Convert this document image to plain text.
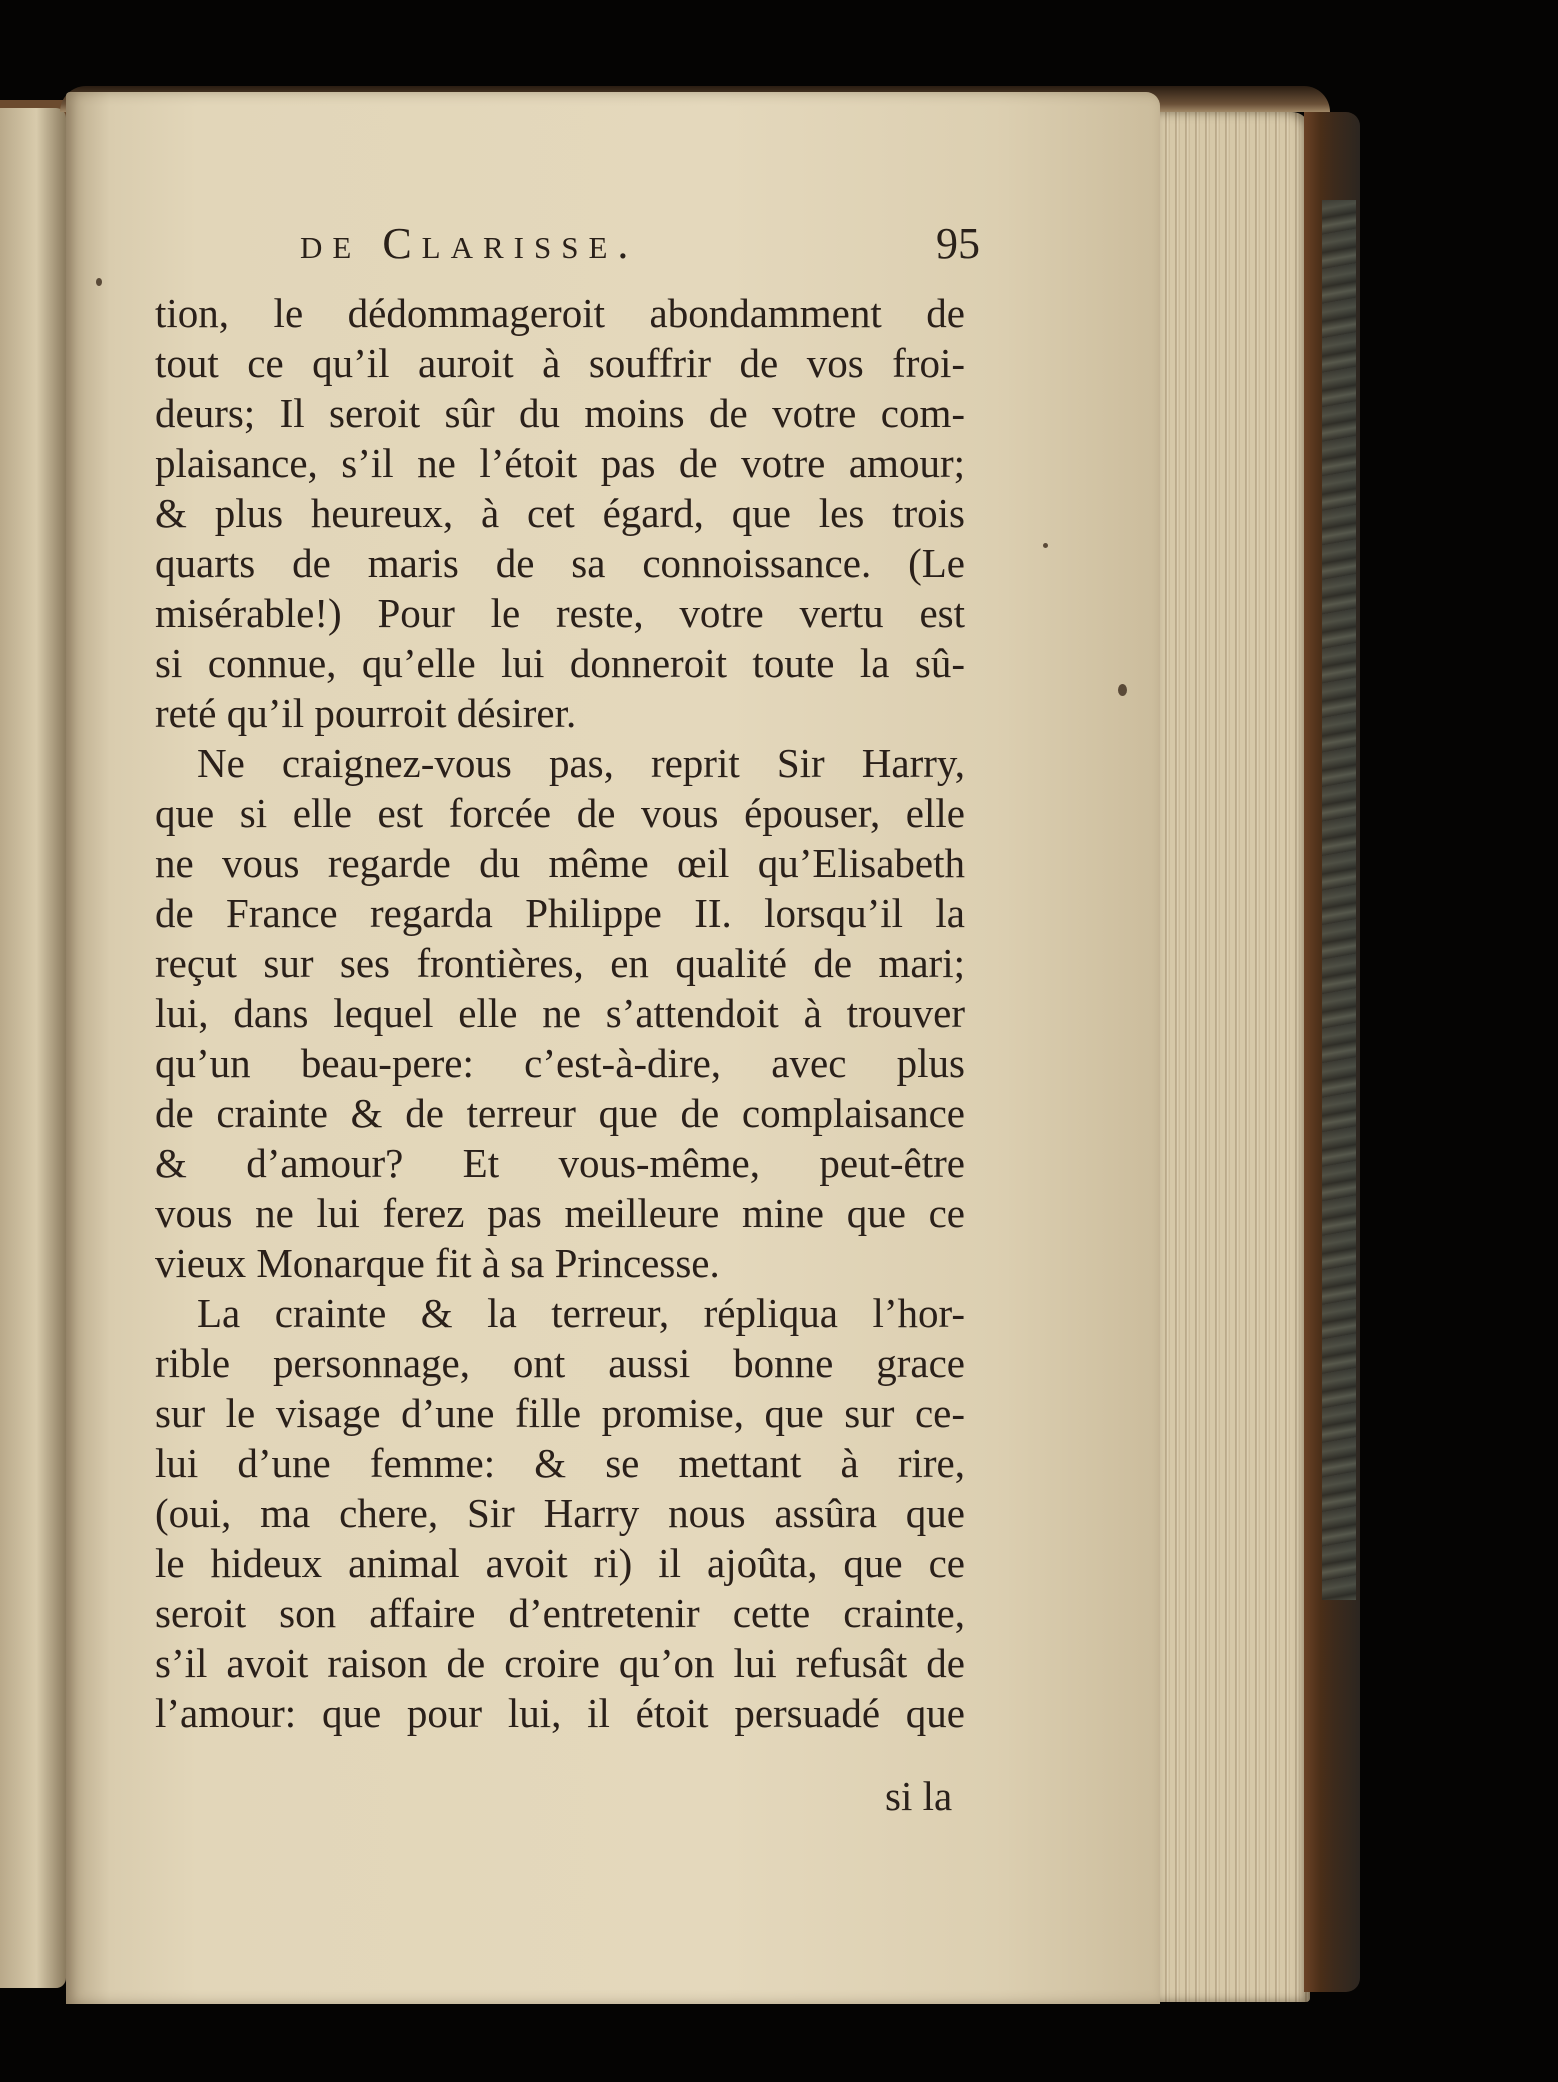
de Clarisse.	95
tion, le dédommageroit abondamment de
tout ce qu’il auroit à souffrir de vos froi-
deurs; Il seroit sûr du moins de votre com-
plaisance, s’il ne l’étoit pas de votre amour;
& plus heureux, à cet égard, que les trois
quarts de maris de sa connoissance. (Le
misérable!) Pour le reste, votre vertu est
si connue, qu’elle lui donneroit toute la sû-
reté qu’il pourroit désirer.
Ne craignez-vous pas, reprit Sir Harry,
que si elle est forcée de vous épouser, elle
ne vous regarde du même œil qu’Elisabeth
de France regarda Philippe II. lorsqu’il la
reçut sur ses frontières, en qualité de mari;
lui, dans lequel elle ne s’attendoit à trouver
qu’un beau-pere: c’est-à-dire, avec plus
de crainte & de terreur que de complaisance
& d’amour? Et vous-même, peut-être
vous ne lui ferez pas meilleure mine que ce
vieux Monarque fit à sa Princesse.
La crainte & la terreur, répliqua l’hor-
rible personnage, ont aussi bonne grace
sur le visage d’une fille promise, que sur ce-
lui d’une femme: & se mettant à rire,
(oui, ma chere, Sir Harry nous assûra que
le hideux animal avoit ri) il ajoûta, que ce
seroit son affaire d’entretenir cette crainte,
s’il avoit raison de croire qu’on lui refusât de
l’amour: que pour lui, il étoit persuadé que
si la
